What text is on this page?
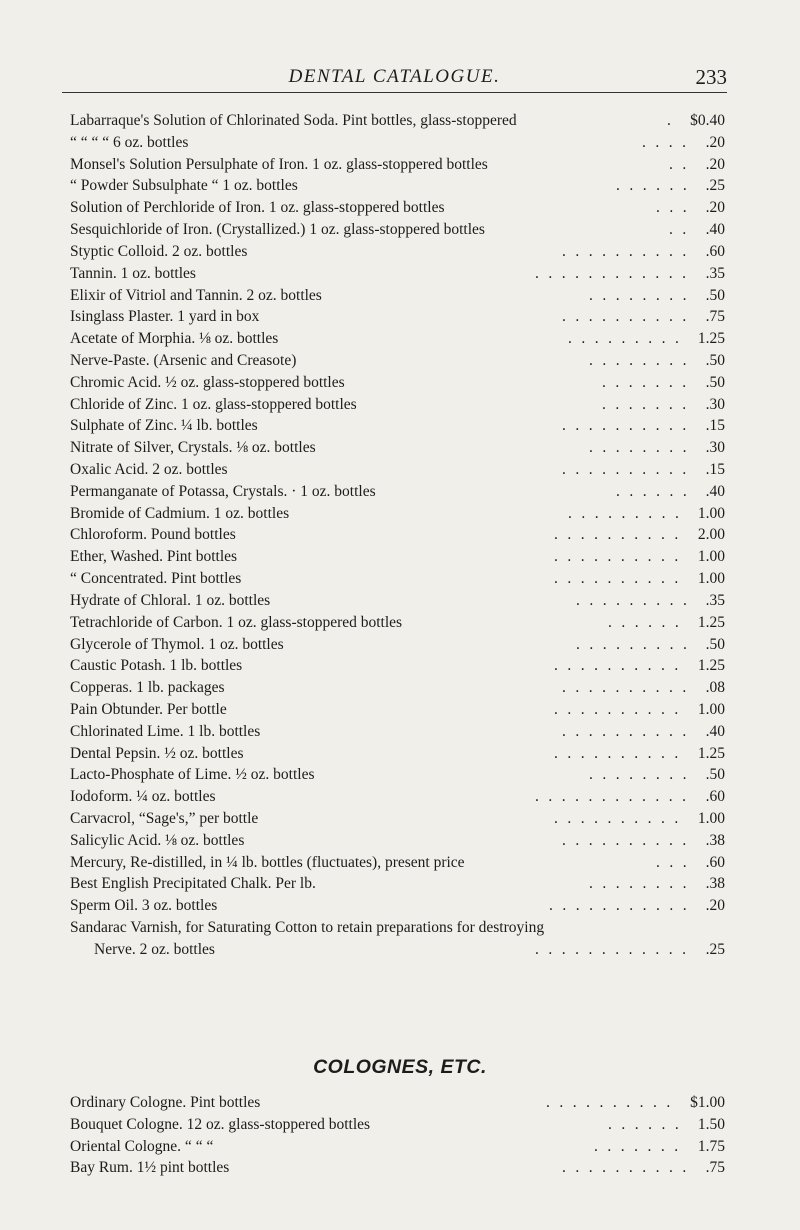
DENTAL CATALOGUE.	233
Labarraque's Solution of Chlorinated Soda. Pint bottles, glass-stoppered	$0.40
.
“ “ “ “ 6 oz. bottles	.20
....
Monsel's Solution Persulphate of Iron. 1 oz. glass-stoppered bottles	.20
..
“ Powder Subsulphate “ 1 oz. bottles	.25
......
Solution of Perchloride of Iron. 1 oz. glass-stoppered bottles	.20
...
Sesquichloride of Iron. (Crystallized.) 1 oz. glass-stoppered bottles	.40
..
Styptic Colloid. 2 oz. bottles	.60
..........
Tannin. 1 oz. bottles	.35
............
Elixir of Vitriol and Tannin. 2 oz. bottles	.50
........
Isinglass Plaster. 1 yard in box	.75
..........
Acetate of Morphia. ⅛ oz. bottles	1.25
.........
Nerve-Paste. (Arsenic and Creasote)	.50
........
Chromic Acid. ½ oz. glass-stoppered bottles	.50
.......
Chloride of Zinc. 1 oz. glass-stoppered bottles	.30
.......
Sulphate of Zinc. ¼ lb. bottles	.15
..........
Nitrate of Silver, Crystals. ⅛ oz. bottles	.30
........
Oxalic Acid. 2 oz. bottles	.15
..........
Permanganate of Potassa, Crystals. · 1 oz. bottles	.40
......
Bromide of Cadmium. 1 oz. bottles	1.00
.........
Chloroform. Pound bottles	2.00
..........
Ether, Washed. Pint bottles	1.00
..........
“ Concentrated. Pint bottles	1.00
..........
Hydrate of Chloral. 1 oz. bottles	.35
.........
Tetrachloride of Carbon. 1 oz. glass-stoppered bottles	1.25
......
Glycerole of Thymol. 1 oz. bottles	.50
.........
Caustic Potash. 1 lb. bottles	1.25
..........
Copperas. 1 lb. packages	.08
..........
Pain Obtunder. Per bottle	1.00
..........
Chlorinated Lime. 1 lb. bottles	.40
..........
Dental Pepsin. ½ oz. bottles	1.25
..........
Lacto-Phosphate of Lime. ½ oz. bottles	.50
........
Iodoform. ¼ oz. bottles	.60
............
Carvacrol, “Sage's,” per bottle	1.00
..........
Salicylic Acid. ⅛ oz. bottles	.38
..........
Mercury, Re-distilled, in ¼ lb. bottles (fluctuates), present price	.60
...
Best English Precipitated Chalk. Per lb.	.38
........
Sperm Oil. 3 oz. bottles	.20
...........
Sandarac Varnish, for Saturating Cotton to retain preparations for destroying
Nerve. 2 oz. bottles	.25
............
COLOGNES, ETC.
Ordinary Cologne. Pint bottles	$1.00
..........
Bouquet Cologne. 12 oz. glass-stoppered bottles	1.50
......
Oriental Cologne. “ “ “	1.75
.......
Bay Rum. 1½ pint bottles	.75
..........
